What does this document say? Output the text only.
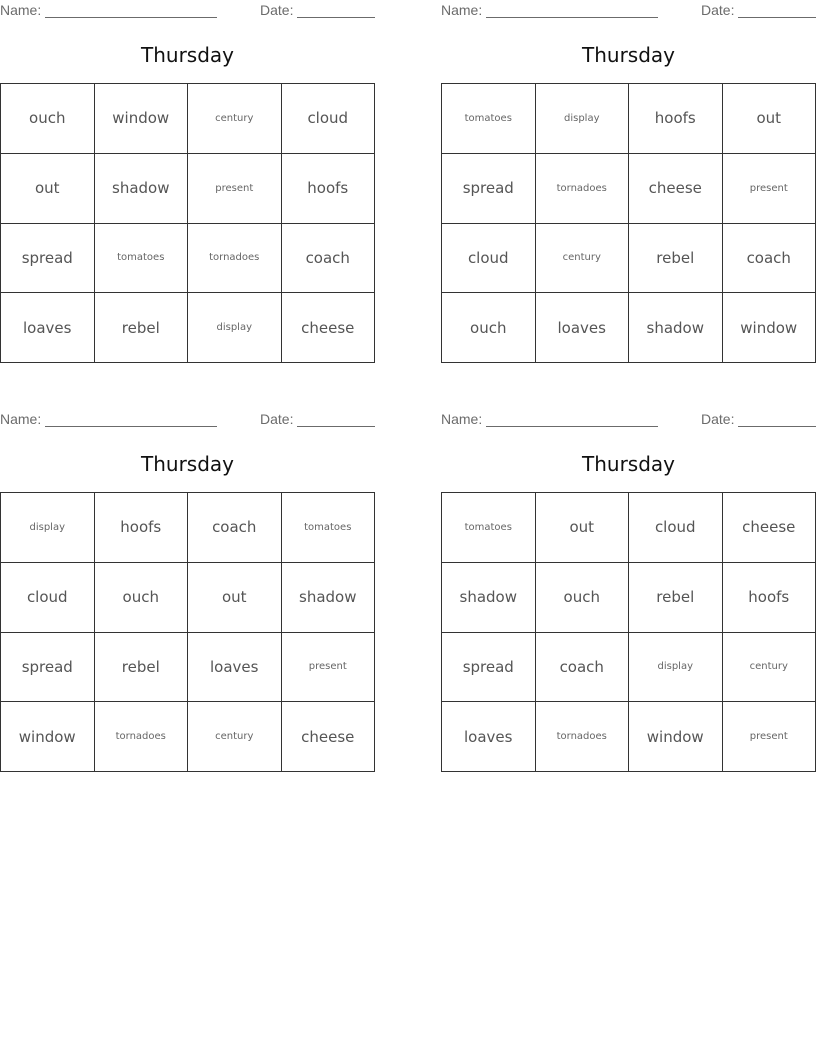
Name:	Date:
Thursday
ouch	window	century	cloud
out	shadow	present	hoofs
spread	tomatoes	tornadoes	coach
loaves	rebel	display	cheese
Name:	Date:
Thursday
tomatoes	display	hoofs	out
spread	tornadoes	cheese	present
cloud	century	rebel	coach
ouch	loaves	shadow	window
Name:	Date:
Thursday
display	hoofs	coach	tomatoes
cloud	ouch	out	shadow
spread	rebel	loaves	present
window	tornadoes	century	cheese
Name:	Date:
Thursday
tomatoes	out	cloud	cheese
shadow	ouch	rebel	hoofs
spread	coach	display	century
loaves	tornadoes	window	present
